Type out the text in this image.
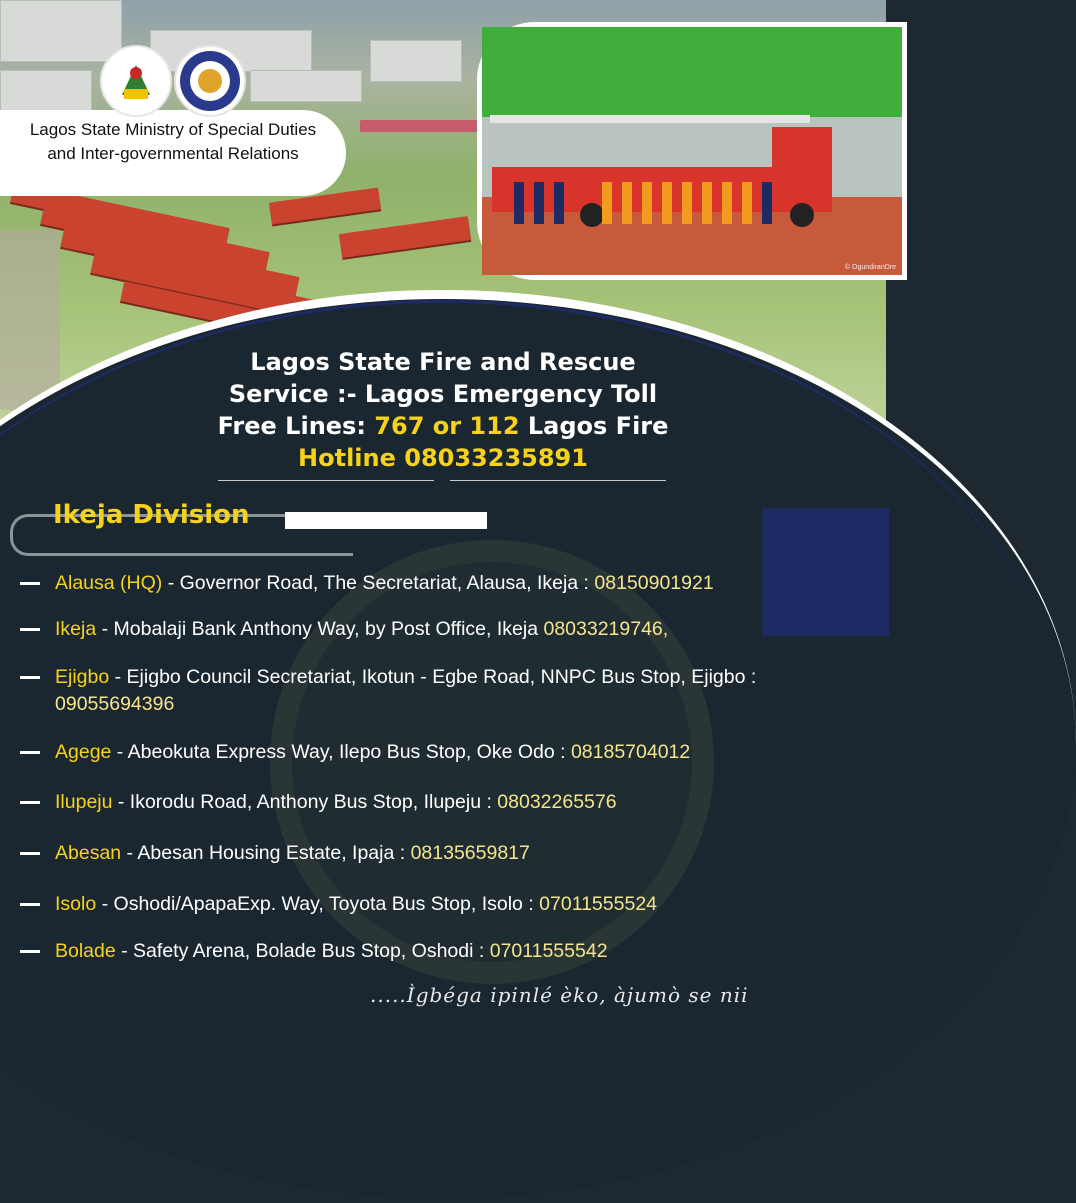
Lagos State Ministry of Special Duties and Inter-governmental Relations
© OgundiranDre
Lagos State Fire and Rescue
Service :- Lagos Emergency Toll
Free Lines: 767 or 112 Lagos Fire
Hotline 08033235891
Ikeja Division
Alausa (HQ) - Governor Road, The Secretariat, Alausa, Ikeja : 08150901921
Ikeja - Mobalaji Bank Anthony Way, by Post Office, Ikeja 08033219746,
Ejigbo - Ejigbo Council Secretariat, Ikotun - Egbe Road, NNPC Bus Stop, Ejigbo : 09055694396
Agege - Abeokuta Express Way, Ilepo Bus Stop, Oke Odo : 08185704012
Ilupeju - Ikorodu Road, Anthony Bus Stop, Ilupeju : 08032265576
Abesan - Abesan Housing Estate, Ipaja : 08135659817
Isolo - Oshodi/ApapaExp. Way, Toyota Bus Stop, Isolo : 07011555524
Bolade - Safety Arena, Bolade Bus Stop, Oshodi : 07011555542
.....Ìgbéga ipinlé èko, àjumò se nii
